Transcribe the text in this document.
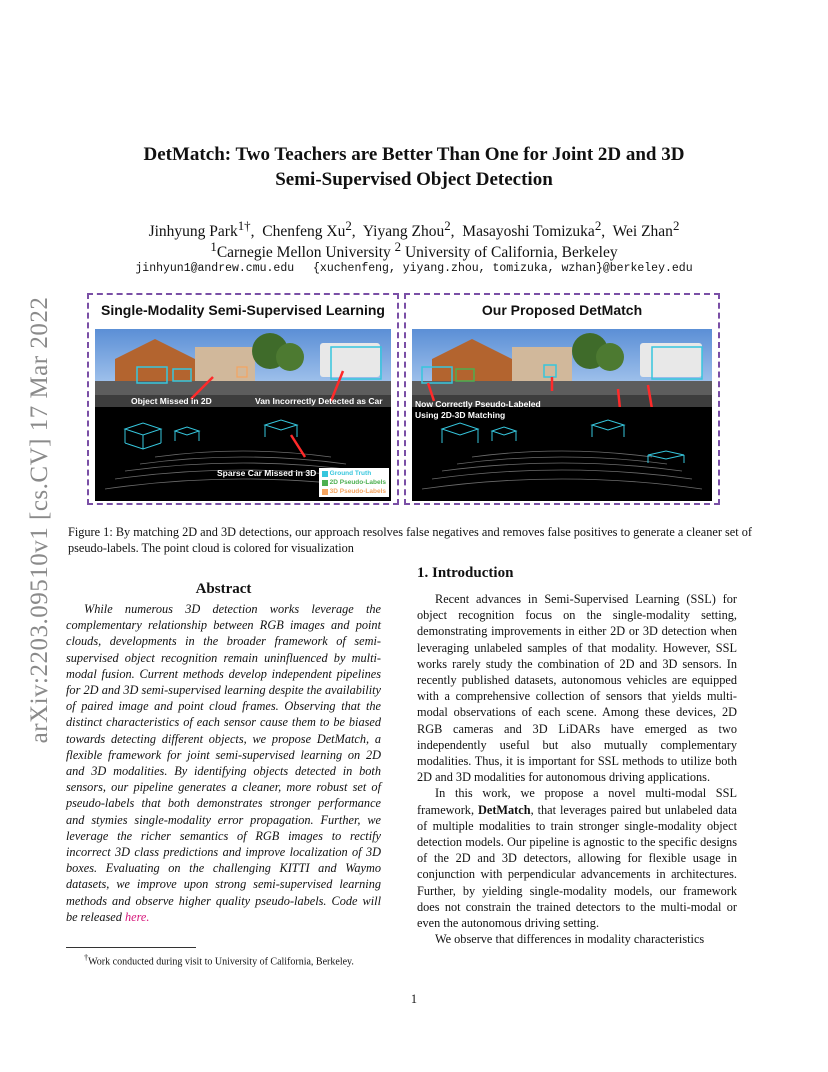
arXiv:2203.09510v1 [cs.CV] 17 Mar 2022
DetMatch: Two Teachers are Better Than One for Joint 2D and 3D
Semi-Supervised Object Detection
Jinhyung Park$^{1\dagger}$,  Chenfeng Xu$^2$,  Yiyang Zhou$^2$,  Masayoshi Tomizuka$^2$,  Wei Zhan$^2$
$^1$Carnegie Mellon University $^2$ University of California, Berkeley
jinhyun1@andrew.cmu.edu {xuchenfeng, yiyang.zhou, tomizuka, wzhan}@berkeley.edu
Single-Modality Semi-Supervised Learning
Object Missed in 2D	Van Incorrectly Detected as Car
Sparse Car Missed in 3D Ground Truth
2D Pseudo-Labels
3D Pseudo-Labels
Our Proposed DetMatch
Now Correctly Pseudo-Labeled
Using 2D-3D Matching
Figure 1: By matching 2D and 3D detections, our approach resolves false negatives and removes false positives to generate a cleaner set of pseudo-labels. The point cloud is colored for visualization
Abstract

While numerous 3D detection works leverage the complementary relationship between RGB images and point clouds, developments in the broader framework of semi-supervised object recognition remain uninfluenced by multi-modal fusion. Current methods develop independent pipelines for 2D and 3D semi-supervised learning despite the availability of paired image and point cloud frames. Observing that the distinct characteristics of each sensor cause them to be biased towards detecting different objects, we propose DetMatch, a flexible framework for joint semi-supervised learning on 2D and 3D modalities. By identifying objects detected in both sensors, our pipeline generates a cleaner, more robust set of pseudo-labels that both demonstrates stronger performance and stymies single-modality error propagation. Further, we leverage the richer semantics of RGB images to rectify incorrect 3D class predictions and improve localization of 3D boxes. Evaluating on the challenging KITTI and Waymo datasets, we improve upon strong semi-supervised learning methods and observe higher quality pseudo-labels. Code will be released here.

1. Introduction

Recent advances in Semi-Supervised Learning (SSL) for object recognition focus on the single-modality setting, demonstrating improvements in either 2D or 3D detection when leveraging unlabeled samples of that modality. However, SSL works rarely study the combination of 2D and 3D sensors. In recently published datasets, autonomous vehicles are equipped with a comprehensive collection of sensors that yields multi-modal observations of each scene. Among these devices, 2D RGB cameras and 3D LiDARs have emerged as two independently useful but also mutually complementary modalities. Thus, it is important for SSL methods to utilize both 2D and 3D modalities for autonomous driving applications.

In this work, we propose a novel multi-modal SSL framework, DetMatch, that leverages paired but unlabeled data of multiple modalities to train stronger single-modality object detection models. Our pipeline is agnostic to the specific designs of the 2D and 3D detectors, allowing for flexible usage in conjunction with perpendicular advancements in architectures. Further, by yielding single-modality models, our framework does not constrain the trained detectors to the multi-modal or even the autonomous driving setting.

We observe that differences in modality characteristics

†Work conducted during visit to University of California, Berkeley.
1
